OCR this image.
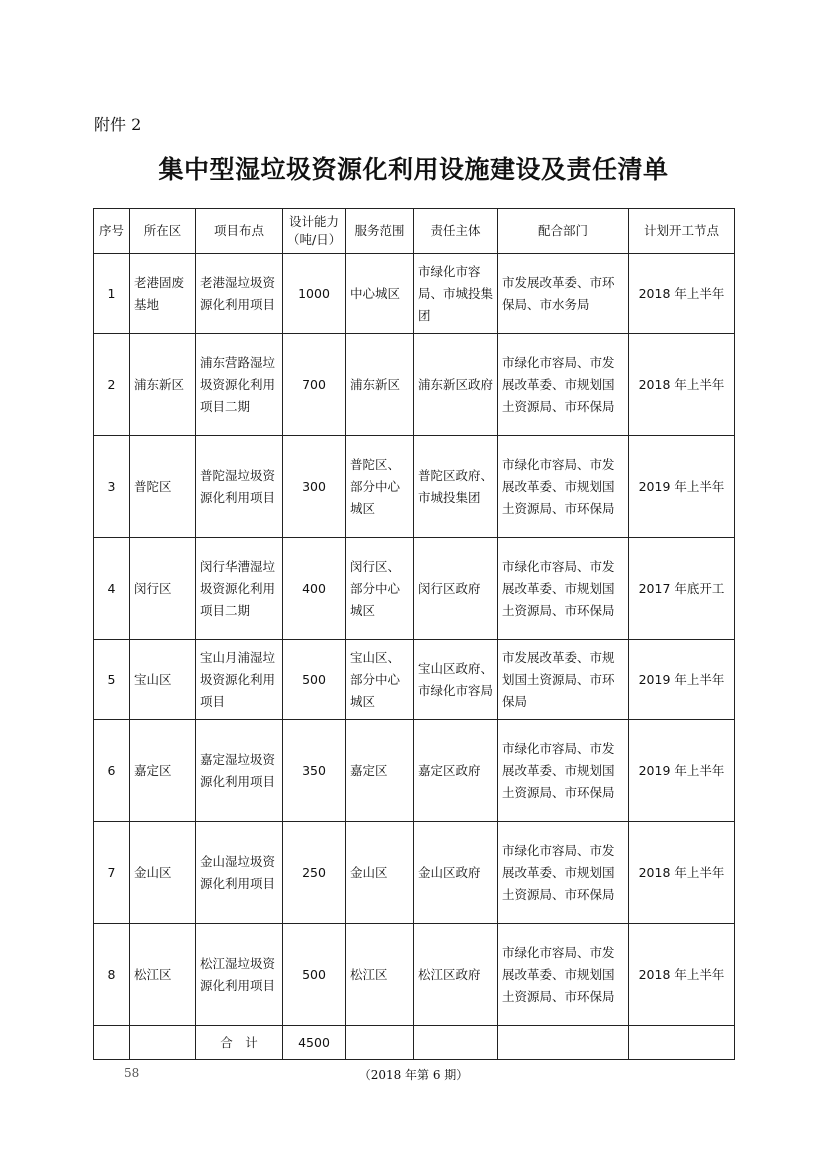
附件 2
集中型湿垃圾资源化利用设施建设及责任清单
序号	所在区	项目布点	设计能力（吨/日）	服务范围	责任主体	配合部门	计划开工节点
1	老港固废基地	老港湿垃圾资源化利用项目	1000	中心城区	市绿化市容局、市城投集团	市发展改革委、市环保局、市水务局	2018 年上半年
2	浦东新区	浦东营路湿垃圾资源化利用项目二期	700	浦东新区	浦东新区政府	市绿化市容局、市发展改革委、市规划国土资源局、市环保局	2018 年上半年
3	普陀区	普陀湿垃圾资源化利用项目	300	普陀区、部分中心城区	普陀区政府、市城投集团	市绿化市容局、市发展改革委、市规划国土资源局、市环保局	2019 年上半年
4	闵行区	闵行华漕湿垃圾资源化利用项目二期	400	闵行区、部分中心城区	闵行区政府	市绿化市容局、市发展改革委、市规划国土资源局、市环保局	2017 年底开工
5	宝山区	宝山月浦湿垃圾资源化利用项目	500	宝山区、部分中心城区	宝山区政府、市绿化市容局	市发展改革委、市规划国土资源局、市环保局	2019 年上半年
6	嘉定区	嘉定湿垃圾资源化利用项目	350	嘉定区	嘉定区政府	市绿化市容局、市发展改革委、市规划国土资源局、市环保局	2019 年上半年
7	金山区	金山湿垃圾资源化利用项目	250	金山区	金山区政府	市绿化市容局、市发展改革委、市规划国土资源局、市环保局	2018 年上半年
8	松江区	松江湿垃圾资源化利用项目	500	松江区	松江区政府	市绿化市容局、市发展改革委、市规划国土资源局、市环保局	2018 年上半年
		合　计	4500				
58	（2018 年第 6 期）
